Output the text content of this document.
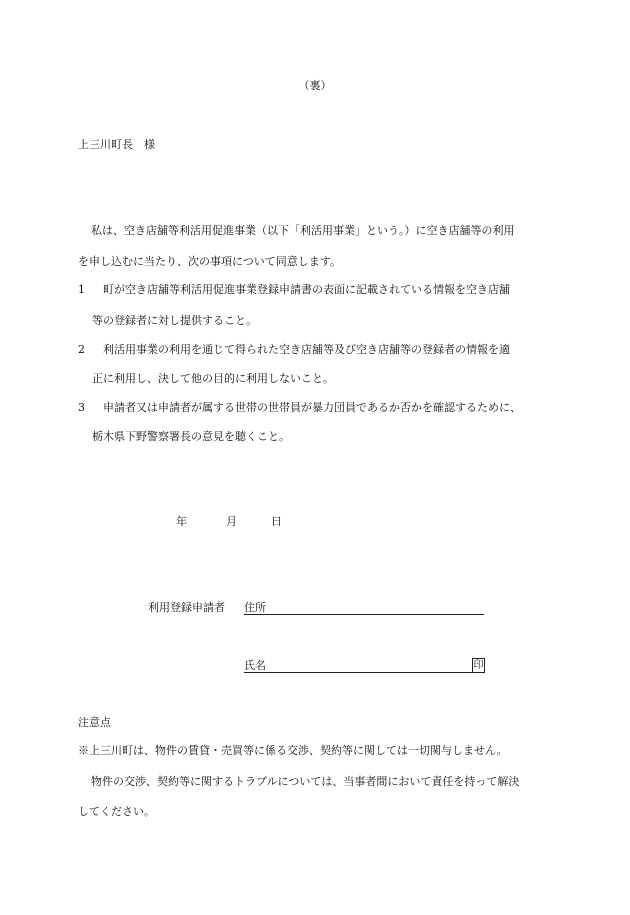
（裏）
上三川町長　様
私は、空き店舗等利活用促進事業（以下「利活用事業」という。）に空き店舗等の利用
を申し込むに当たり、次の事項について同意します。
1 町が空き店舗等利活用促進事業登録申請書の表面に記載されている情報を空き店舗
等の登録者に対し提供すること。
2 利活用事業の利用を通じて得られた空き店舗等及び空き店舗等の登録者の情報を適
正に利用し、決して他の目的に利用しないこと。
3 申請者又は申請者が属する世帯の世帯員が暴力団員であるか否かを確認するために、
栃木県下野警察署長の意見を聴くこと。
年	月	日
利用登録申請者 住所
氏名	印
注意点
※上三川町は、物件の賃貸・売買等に係る交渉、契約等に関しては一切関与しません。
物件の交渉、契約等に関するトラブルについては、当事者間において責任を持って解決
してください。
